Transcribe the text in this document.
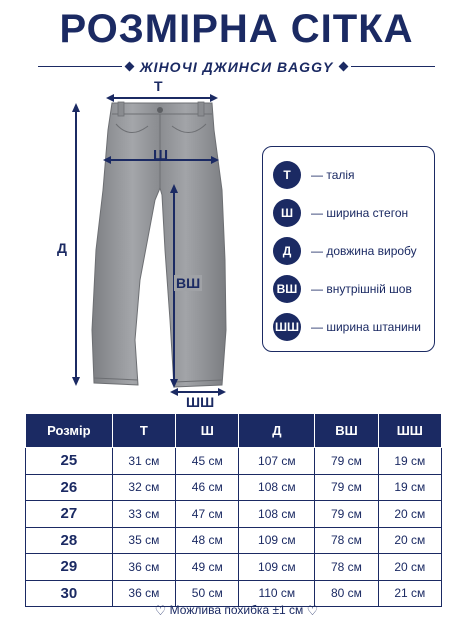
РОЗМІРНА СІТКА
ЖІНОЧІ ДЖИНСИ BAGGY
Т
Ш
Д
ВШ
ШШ
Т	— талія
Ш	— ширина стегон
Д	— довжина виробу
ВШ	— внутрішній шов
ШШ — ширина штанини
Розмір	Т	Ш	Д	ВШ	ШШ
25	31 см	45 см	107 см	79 см	19 см
26	32 см	46 см	108 см	79 см	19 см
27	33 см	47 см	108 см	79 см	20 см
28	35 см	48 см	109 см	78 см	20 см
29	36 см	49 см	109 см	78 см	20 см
30	36 см	50 см	110 см	80 см	21 см
♡ Можлива похибка ±1 см ♡
